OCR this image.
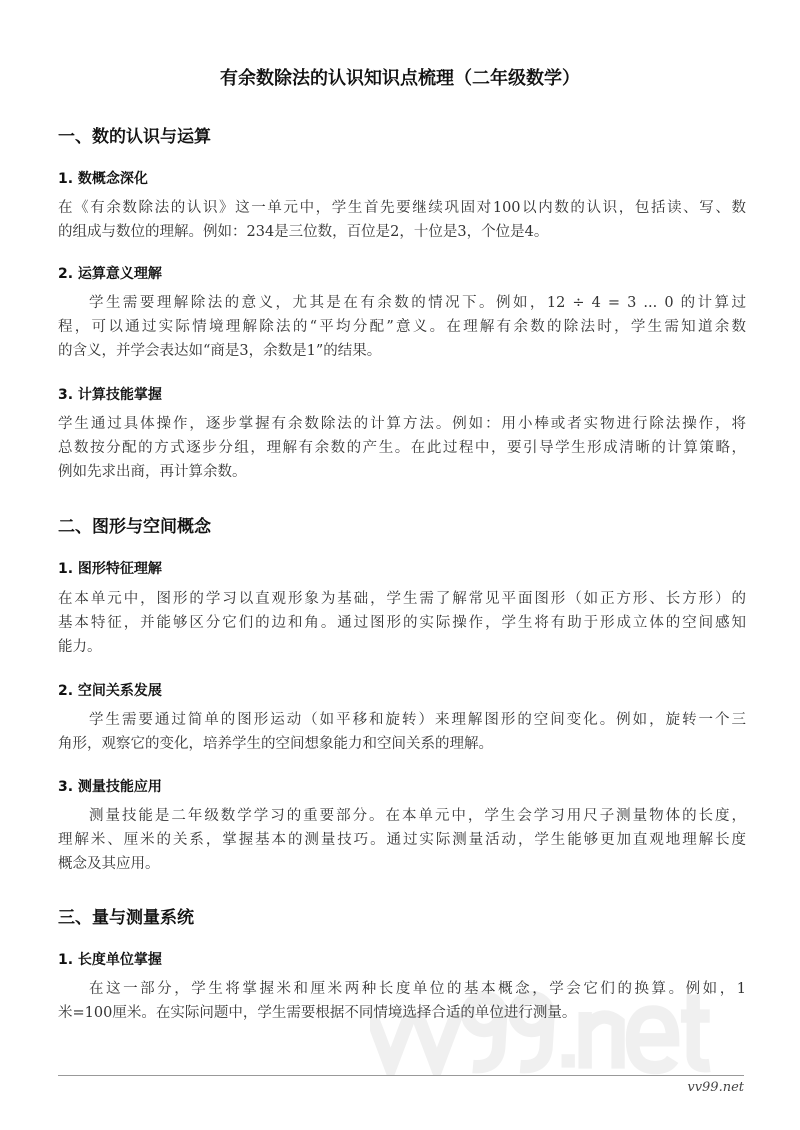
有余数除法的认识知识点梳理（二年级数学）
一、数的认识与运算
1. 数概念深化
在《有余数除法的认识》这一单元中，学生首先要继续巩固对100以内数的认识，包括读、写、数
的组成与数位的理解。例如：234是三位数，百位是2，十位是3，个位是4。
2. 运算意义理解
学生需要理解除法的意义，尤其是在有余数的情况下。例如，12 ÷ 4 = 3 ... 0 的计算过
程，可以通过实际情境理解除法的“平均分配”意义。在理解有余数的除法时，学生需知道余数
的含义，并学会表达如“商是3，余数是1”的结果。
3. 计算技能掌握
学生通过具体操作，逐步掌握有余数除法的计算方法。例如：用小棒或者实物进行除法操作，将
总数按分配的方式逐步分组，理解有余数的产生。在此过程中，要引导学生形成清晰的计算策略，
例如先求出商，再计算余数。
二、图形与空间概念
1. 图形特征理解
在本单元中，图形的学习以直观形象为基础，学生需了解常见平面图形（如正方形、长方形）的
基本特征，并能够区分它们的边和角。通过图形的实际操作，学生将有助于形成立体的空间感知
能力。
2. 空间关系发展
学生需要通过简单的图形运动（如平移和旋转）来理解图形的空间变化。例如，旋转一个三
角形，观察它的变化，培养学生的空间想象能力和空间关系的理解。
3. 测量技能应用
测量技能是二年级数学学习的重要部分。在本单元中，学生会学习用尺子测量物体的长度，
理解米、厘米的关系，掌握基本的测量技巧。通过实际测量活动，学生能够更加直观地理解长度
概念及其应用。
三、量与测量系统
1. 长度单位掌握
在这一部分，学生将掌握米和厘米两种长度单位的基本概念，学会它们的换算。例如，1
米=100厘米。在实际问题中，学生需要根据不同情境选择合适的单位进行测量。
vv99.net
